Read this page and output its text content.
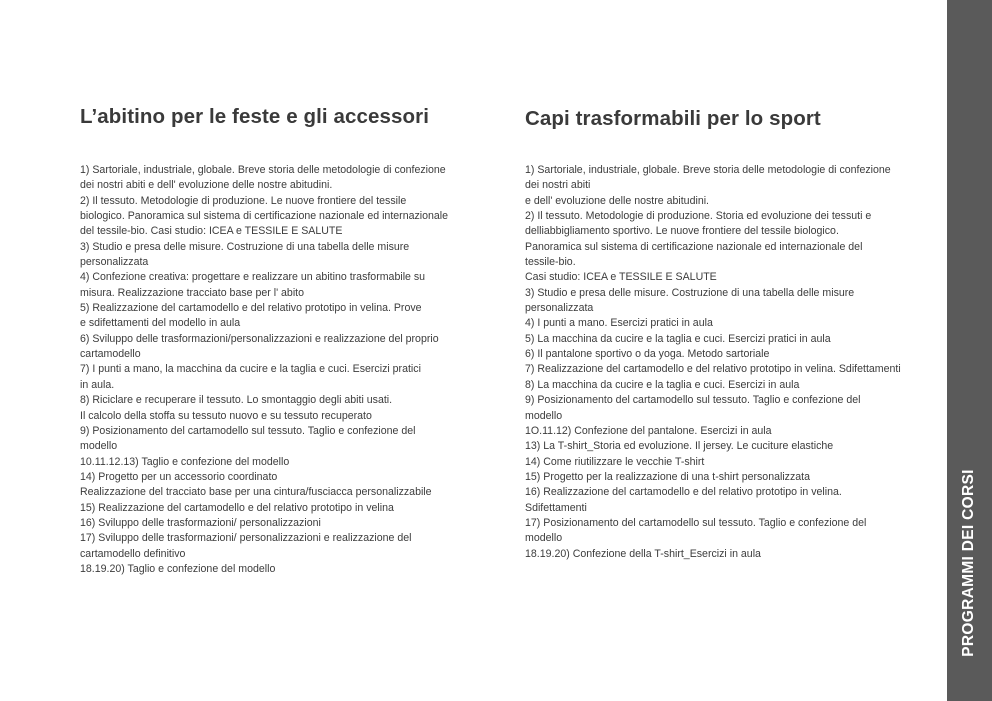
L’abitino per le feste e gli accessori
1) Sartoriale, industriale, globale. Breve storia delle metodologie di confezione
dei nostri abiti e dell' evoluzione delle nostre abitudini.
2) Il tessuto. Metodologie di produzione. Le nuove frontiere del tessile
biologico. Panoramica sul sistema di certificazione nazionale ed internazionale
del tessile-bio. Casi studio: ICEA e TESSILE E SALUTE
3) Studio e presa delle misure. Costruzione di una tabella delle misure
personalizzata
4) Confezione creativa: progettare e realizzare un abitino trasformabile su
misura. Realizzazione tracciato base per l' abito
5) Realizzazione del cartamodello e del relativo prototipo in velina. Prove
e sdifettamenti del modello in aula
6) Sviluppo delle trasformazioni/personalizzazioni e realizzazione del proprio
cartamodello
7) I punti a mano, la macchina da cucire e la taglia e cuci. Esercizi pratici
in aula.
8) Riciclare e recuperare il tessuto. Lo smontaggio degli abiti usati.
Il calcolo della stoffa su tessuto nuovo e su tessuto recuperato
9) Posizionamento del cartamodello sul tessuto. Taglio e confezione del
modello
10.11.12.13) Taglio e confezione del modello
14) Progetto per un accessorio coordinato
Realizzazione del tracciato base per una cintura/fusciacca personalizzabile
15) Realizzazione del cartamodello e del relativo prototipo in velina
16) Sviluppo delle trasformazioni/ personalizzazioni
17) Sviluppo delle trasformazioni/ personalizzazioni e realizzazione del
cartamodello definitivo
18.19.20) Taglio e confezione del modello
Capi trasformabili per lo sport
1) Sartoriale, industriale, globale. Breve storia delle metodologie di confezione
dei nostri abiti
e dell' evoluzione delle nostre abitudini.
2) Il tessuto. Metodologie di produzione. Storia ed evoluzione dei tessuti e
delliabbigliamento sportivo. Le nuove frontiere del tessile biologico.
Panoramica sul sistema di certificazione nazionale ed internazionale del
tessile-bio.
Casi studio: ICEA e TESSILE E SALUTE
3) Studio e presa delle misure. Costruzione di una tabella delle misure
personalizzata
4) I punti a mano. Esercizi pratici in aula
5) La macchina da cucire e la taglia e cuci. Esercizi pratici in aula
6) Il pantalone sportivo o da yoga. Metodo sartoriale
7) Realizzazione del cartamodello e del relativo prototipo in velina. Sdifettamenti
8) La macchina da cucire e la taglia e cuci. Esercizi in aula
9) Posizionamento del cartamodello sul tessuto. Taglio e confezione del
modello
1O.11.12) Confezione del pantalone. Esercizi in aula
13) La T-shirt_Storia ed evoluzione. Il jersey. Le cuciture elastiche
14) Come riutilizzare le vecchie T-shirt
15) Progetto per la realizzazione di una t-shirt personalizzata
16) Realizzazione del cartamodello e del relativo prototipo in velina.
Sdifettamenti
17) Posizionamento del cartamodello sul tessuto. Taglio e confezione del
modello
18.19.20) Confezione della T-shirt_Esercizi in aula	PROGRAMMI DEI CORSI
